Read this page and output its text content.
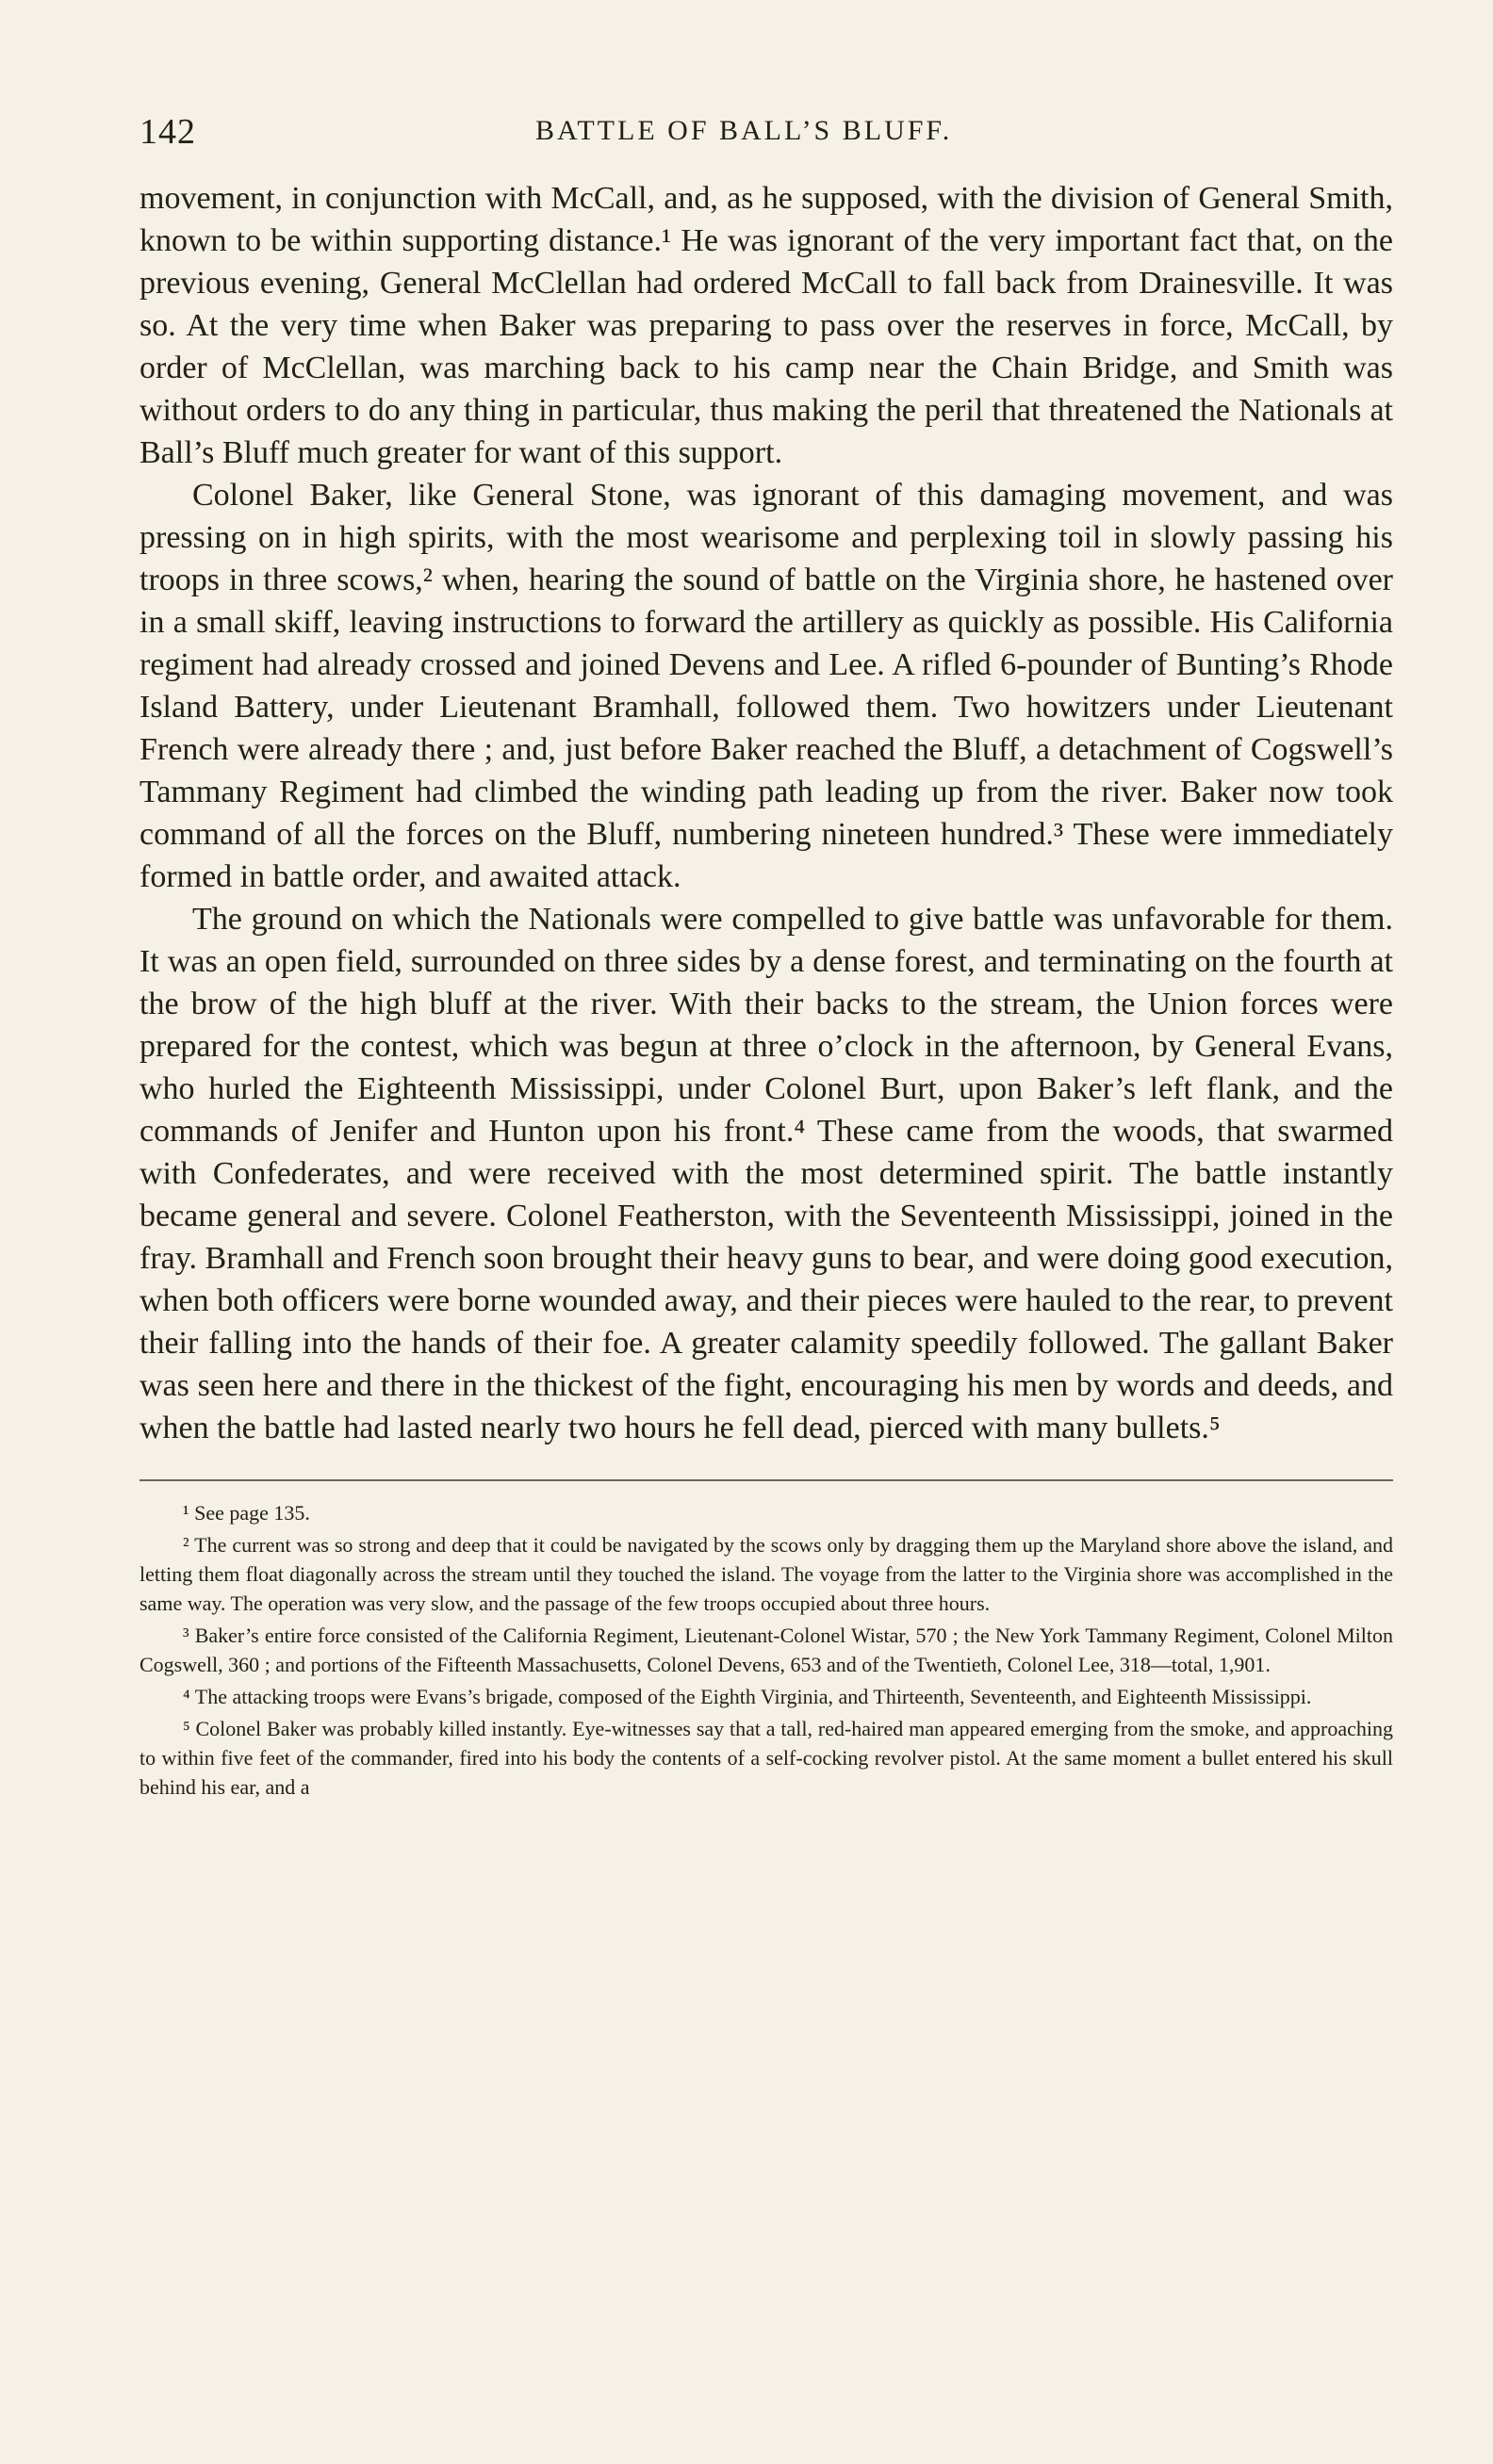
142	BATTLE OF BALL’S BLUFF.

movement, in conjunction with McCall, and, as he supposed, with the division of General Smith, known to be within supporting distance.¹ He was ignorant of the very important fact that, on the previous evening, General McClellan had ordered McCall to fall back from Drainesville. It was so. At the very time when Baker was preparing to pass over the reserves in force, McCall, by order of McClellan, was marching back to his camp near the Chain Bridge, and Smith was without orders to do any thing in particular, thus making the peril that threatened the Nationals at Ball’s Bluff much greater for want of this support.

Colonel Baker, like General Stone, was ignorant of this damaging movement, and was pressing on in high spirits, with the most wearisome and perplexing toil in slowly passing his troops in three scows,² when, hearing the sound of battle on the Virginia shore, he hastened over in a small skiff, leaving instructions to forward the artillery as quickly as possible. His California regiment had already crossed and joined Devens and Lee. A rifled 6-pounder of Bunting’s Rhode Island Battery, under Lieutenant Bramhall, followed them. Two howitzers under Lieutenant French were already there ; and, just before Baker reached the Bluff, a detachment of Cogswell’s Tammany Regiment had climbed the winding path leading up from the river. Baker now took command of all the forces on the Bluff, numbering nineteen hundred.³ These were immediately formed in battle order, and awaited attack.

The ground on which the Nationals were compelled to give battle was unfavorable for them. It was an open field, surrounded on three sides by a dense forest, and terminating on the fourth at the brow of the high bluff at the river. With their backs to the stream, the Union forces were prepared for the contest, which was begun at three o’clock in the afternoon, by General Evans, who hurled the Eighteenth Mississippi, under Colonel Burt, upon Baker’s left flank, and the commands of Jenifer and Hunton upon his front.⁴ These came from the woods, that swarmed with Confederates, and were received with the most determined spirit. The battle instantly became general and severe. Colonel Featherston, with the Seventeenth Mississippi, joined in the fray. Bramhall and French soon brought their heavy guns to bear, and were doing good execution, when both officers were borne wounded away, and their pieces were hauled to the rear, to prevent their falling into the hands of their foe. A greater calamity speedily followed. The gallant Baker was seen here and there in the thickest of the fight, encouraging his men by words and deeds, and when the battle had lasted nearly two hours he fell dead, pierced with many bullets.⁵

¹ See page 135.

² The current was so strong and deep that it could be navigated by the scows only by dragging them up the Maryland shore above the island, and letting them float diagonally across the stream until they touched the island. The voyage from the latter to the Virginia shore was accomplished in the same way. The operation was very slow, and the passage of the few troops occupied about three hours.

³ Baker’s entire force consisted of the California Regiment, Lieutenant-Colonel Wistar, 570 ; the New York Tammany Regiment, Colonel Milton Cogswell, 360 ; and portions of the Fifteenth Massachusetts, Colonel Devens, 653 and of the Twentieth, Colonel Lee, 318—total, 1,901.

⁴ The attacking troops were Evans’s brigade, composed of the Eighth Virginia, and Thirteenth, Seventeenth, and Eighteenth Mississippi.

⁵ Colonel Baker was probably killed instantly. Eye-witnesses say that a tall, red-haired man appeared emerging from the smoke, and approaching to within five feet of the commander, fired into his body the contents of a self-cocking revolver pistol. At the same moment a bullet entered his skull behind his ear, and a
